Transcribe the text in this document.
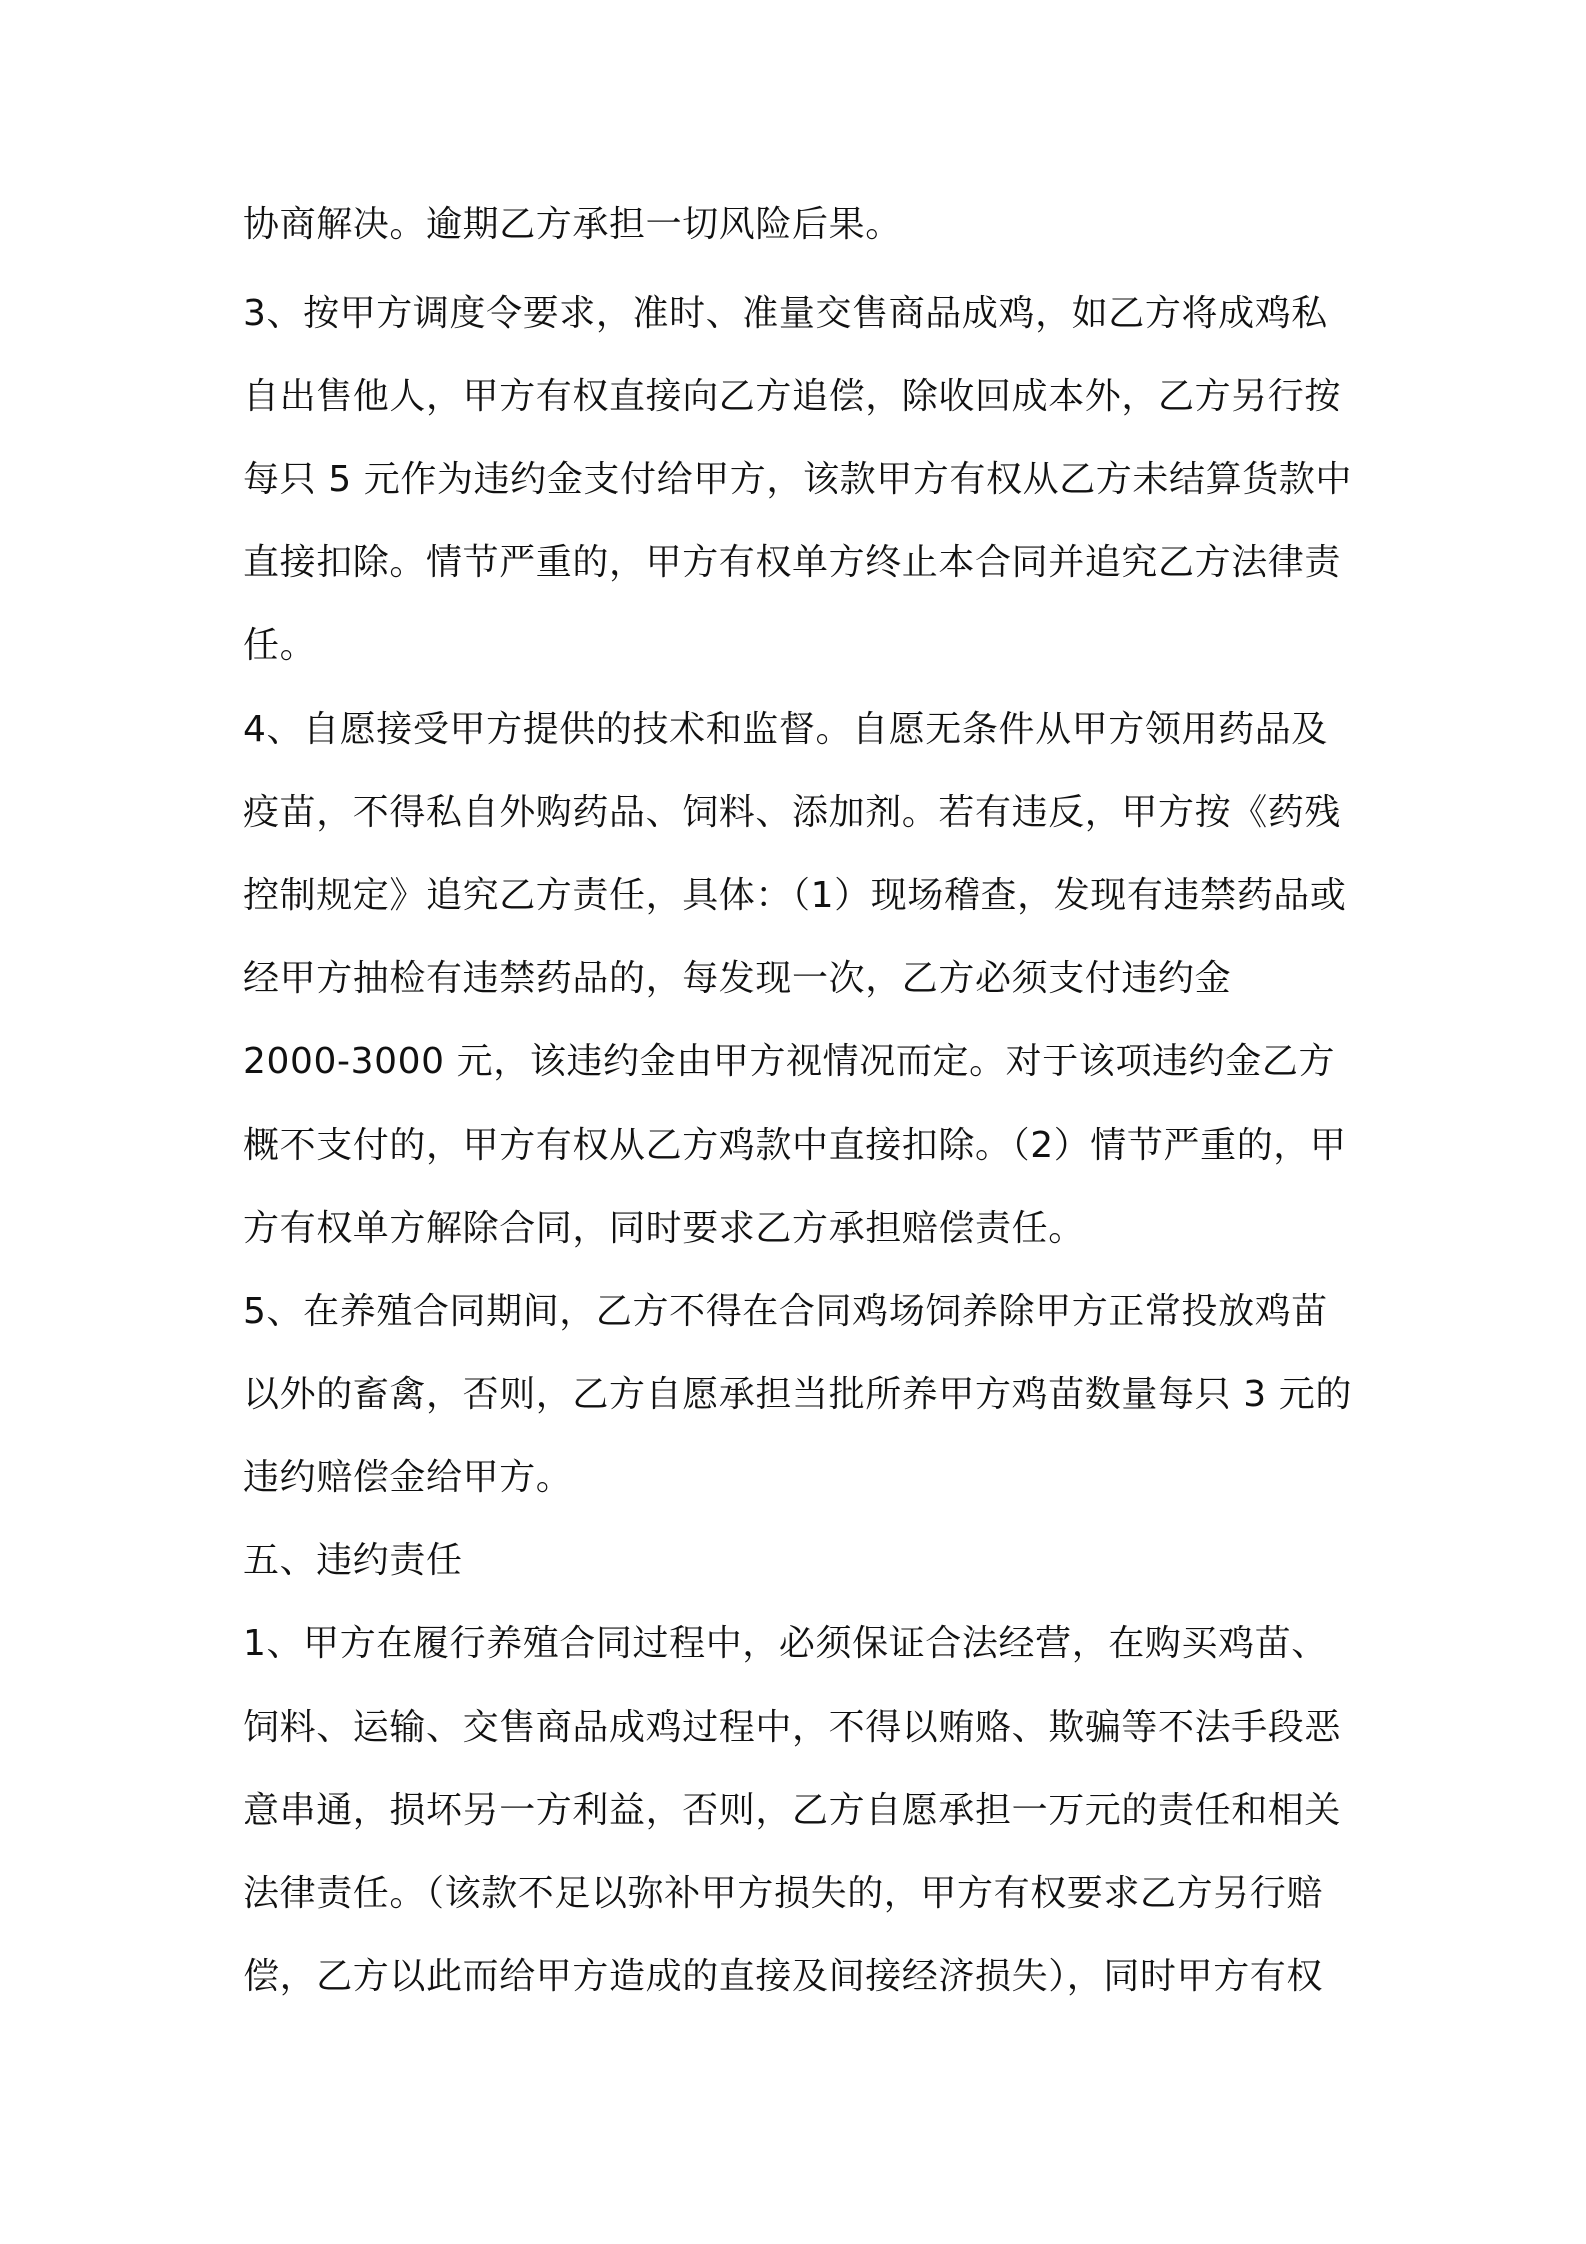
协商解决。逾期乙方承担一切风险后果。
3、按甲方调度令要求，准时、准量交售商品成鸡，如乙方将成鸡私
自出售他人，甲方有权直接向乙方追偿，除收回成本外，乙方另行按
每只 5 元作为违约金支付给甲方，该款甲方有权从乙方未结算货款中
直接扣除。情节严重的，甲方有权单方终止本合同并追究乙方法律责
任。
4、自愿接受甲方提供的技术和监督。自愿无条件从甲方领用药品及
疫苗，不得私自外购药品、饲料、添加剂。若有违反，甲方按《药残
控制规定》追究乙方责任，具体：（1）现场稽查，发现有违禁药品或
经甲方抽检有违禁药品的，每发现一次，乙方必须支付违约金
2000-3000 元，该违约金由甲方视情况而定。对于该项违约金乙方
概不支付的，甲方有权从乙方鸡款中直接扣除。（2）情节严重的，甲
方有权单方解除合同，同时要求乙方承担赔偿责任。
5、在养殖合同期间，乙方不得在合同鸡场饲养除甲方正常投放鸡苗
以外的畜禽，否则，乙方自愿承担当批所养甲方鸡苗数量每只 3 元的
违约赔偿金给甲方。
五、违约责任
1、甲方在履行养殖合同过程中，必须保证合法经营，在购买鸡苗、
饲料、运输、交售商品成鸡过程中，不得以贿赂、欺骗等不法手段恶
意串通，损坏另一方利益，否则，乙方自愿承担一万元的责任和相关
法律责任。（该款不足以弥补甲方损失的，甲方有权要求乙方另行赔
偿，乙方以此而给甲方造成的直接及间接经济损失），同时甲方有权
